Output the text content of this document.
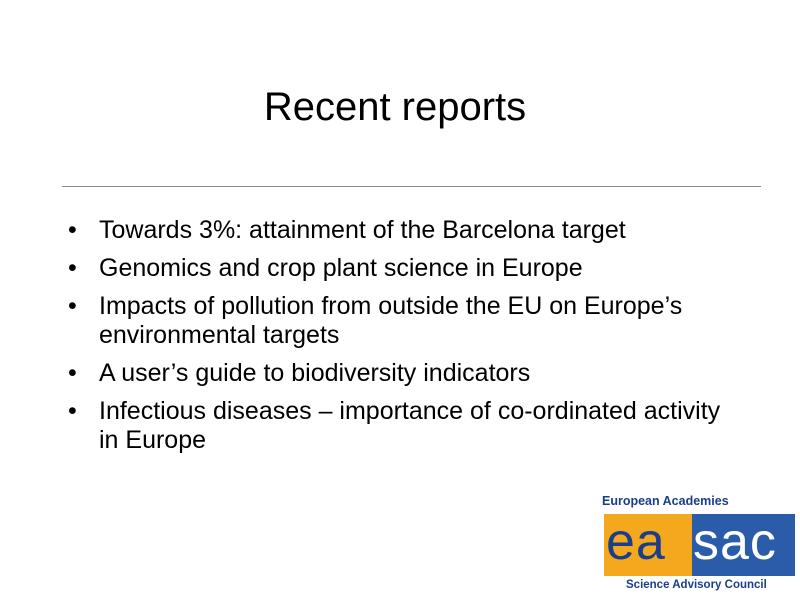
Recent reports
• Towards 3%: attainment of the Barcelona target
• Genomics and crop plant science in Europe
• Impacts of pollution from outside the EU on Europe’s environmental targets
• A user’s guide to biodiversity indicators
• Infectious diseases – importance of co-ordinated activity in Europe
European Academies
ea sac
Science Advisory Council
